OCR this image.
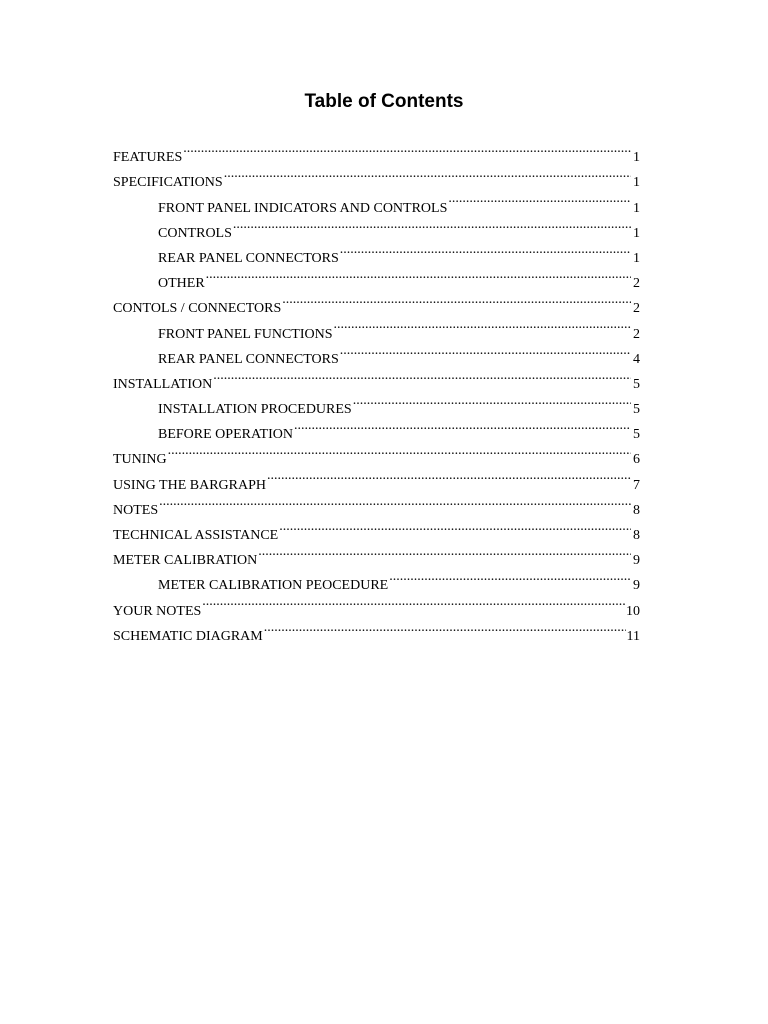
Table of Contents
FEATURES .....	1
SPECIFICATIONS .....	1
FRONT PANEL INDICATORS AND CONTROLS .....	1
CONTROLS .....	1
REAR PANEL CONNECTORS .....	1
OTHER .....	2
CONTOLS / CONNECTORS .....	2
FRONT PANEL FUNCTIONS .....	2
REAR PANEL CONNECTORS .....	4
INSTALLATION .....	5
INSTALLATION PROCEDURES .....	5
BEFORE OPERATION .....	5
TUNING .....	6
USING THE BARGRAPH .....	7
NOTES .....	8
TECHNICAL ASSISTANCE .....	8
METER CALIBRATION .....	9
METER CALIBRATION PEOCEDURE .....	9
YOUR NOTES .....	10
SCHEMATIC DIAGRAM .....	11
